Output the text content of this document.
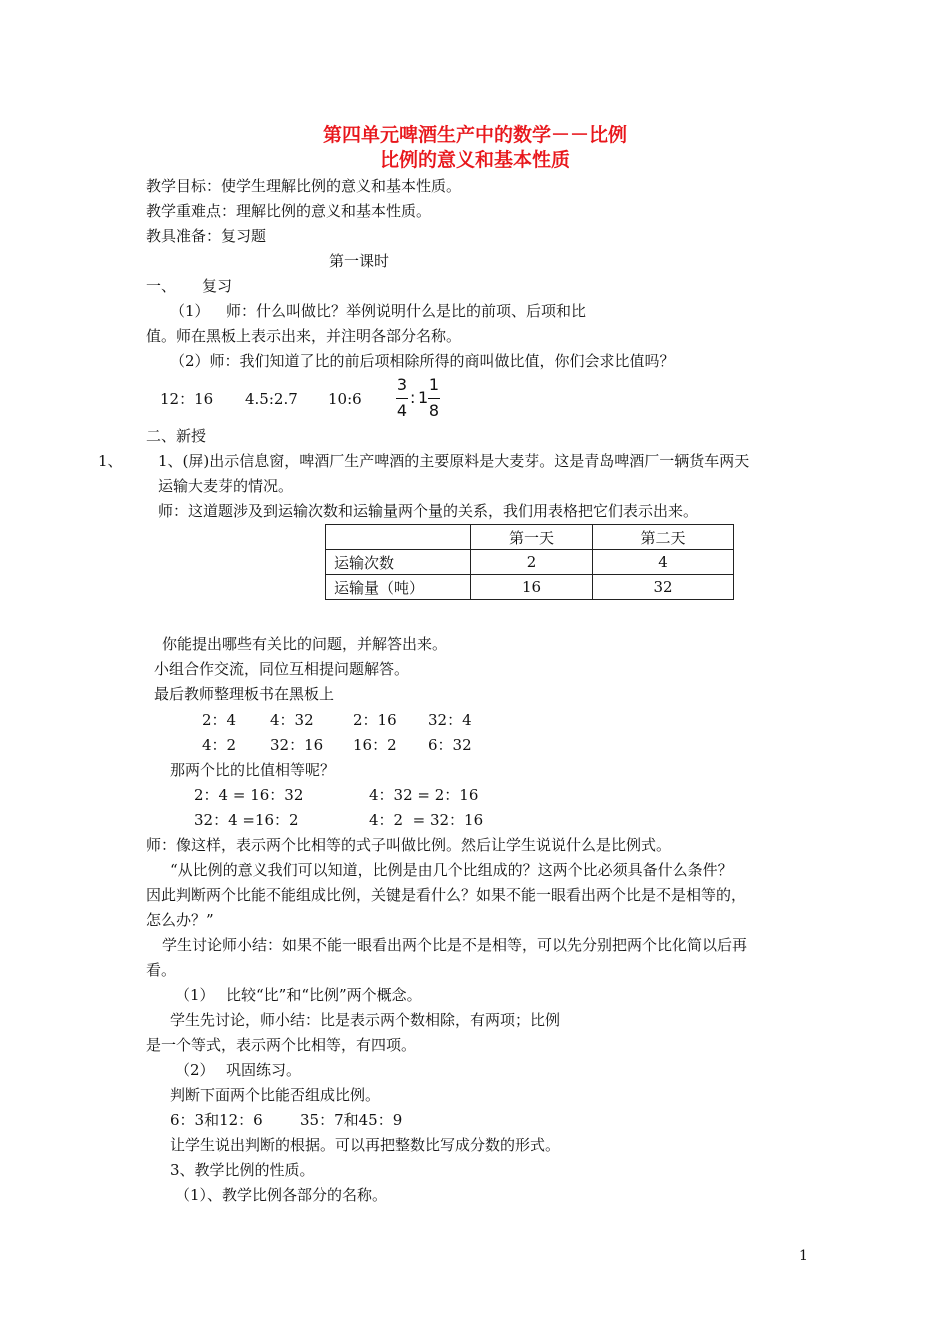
第四单元啤酒生产中的数学－－比例
比例的意义和基本性质
教学目标：使学生理解比例的意义和基本性质。
教学重难点：理解比例的意义和基本性质。
教具准备：复习题
第一课时
一、 复习
（1） 师：什么叫做比？举例说明什么是比的前项、后项和比
值。师在黑板上表示出来，并注明各部分名称。
（2）师：我们知道了比的前后项相除所得的商叫做比值，你们会求比值吗？
12：16 4.5:2.7 10:6
3
4
: 1
1
8
二、新授
1、 1、(屏)出示信息窗，啤酒厂生产啤酒的主要原料是大麦芽。这是青岛啤酒厂一辆货车两天
运输大麦芽的情况。
师：这道题涉及到运输次数和运输量两个量的关系，我们用表格把它们表示出来。
	第一天	第二天
运输次数	2	4
运输量（吨）	16	32
你能提出哪些有关比的问题，并解答出来。
小组合作交流，同位互相提问题解答。
最后教师整理板书在黑板上
2：4 4：32	2：16 32：4
4：2 32：16 16：2 6：32
那两个比的比值相等呢？
2：4 = 16：32	4：32 = 2：16
32：4 =16：2	4：2  = 32：16
师：像这样，表示两个比相等的式子叫做比例。然后让学生说说什么是比例式。
“从比例的意义我们可以知道，比例是由几个比组成的？这两个比必须具备什么条件？
因此判断两个比能不能组成比例，关键是看什么？如果不能一眼看出两个比是不是相等的，
怎么办？”
学生讨论师小结：如果不能一眼看出两个比是不是相等，可以先分别把两个比化简以后再
看。
（1） 比较“比”和“比例”两个概念。
学生先讨论，师小结：比是表示两个数相除，有两项；比例
是一个等式，表示两个比相等，有四项。
（2） 巩固练习。
判断下面两个比能否组成比例。
6：3和12：6 35：7和45：9
让学生说出判断的根据。可以再把整数比写成分数的形式。
3、教学比例的性质。
（1）、教学比例各部分的名称。
1
